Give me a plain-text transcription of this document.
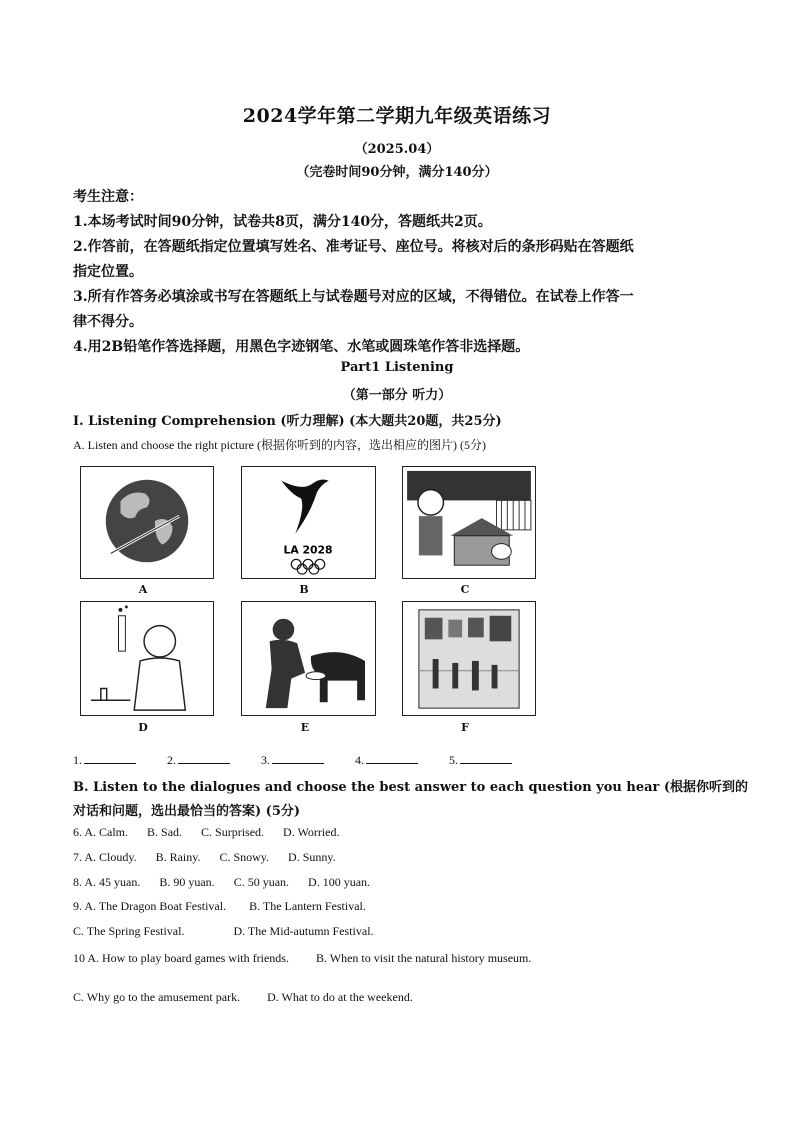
2024学年第二学期九年级英语练习
（2025.04）
（完卷时间90分钟，满分140分）
考生注意：
1.本场考试时间90分钟，试卷共8页，满分140分，答题纸共2页。
2.作答前，在答题纸指定位置填写姓名、准考证号、座位号。将核对后的条形码贴在答题纸
指定位置。
3.所有作答务必填涂或书写在答题纸上与试卷题号对应的区域，不得错位。在试卷上作答一
律不得分。
4.用2B铅笔作答选择题，用黑色字迹钢笔、水笔或圆珠笔作答非选择题。
Part1 Listening
（第一部分 听力）
I. Listening Comprehension (听力理解) (本大题共20题，共25分)
A. Listen and choose the right picture (根据你听到的内容，选出相应的图片) (5分)
A
LA 2028
B	C
D	E	F
1.	2.	3.	4.	5.
B. Listen to the dialogues and choose the best answer to each question you hear (根据你听到的
对话和问题，选出最恰当的答案) (5分)
6. A. Calm. B. Sad. C. Surprised. D. Worried.
7. A. Cloudy. B. Rainy. C. Snowy. D. Sunny.
8. A. 45 yuan. B. 90 yuan. C. 50 yuan. D. 100 yuan.
9. A. The Dragon Boat Festival. B. The Lantern Festival.
C. The Spring Festival.	D. The Mid-autumn Festival.
10 A. How to play board games with friends. B. When to visit the natural history museum.
C. Why go to the amusement park. D. What to do at the weekend.
